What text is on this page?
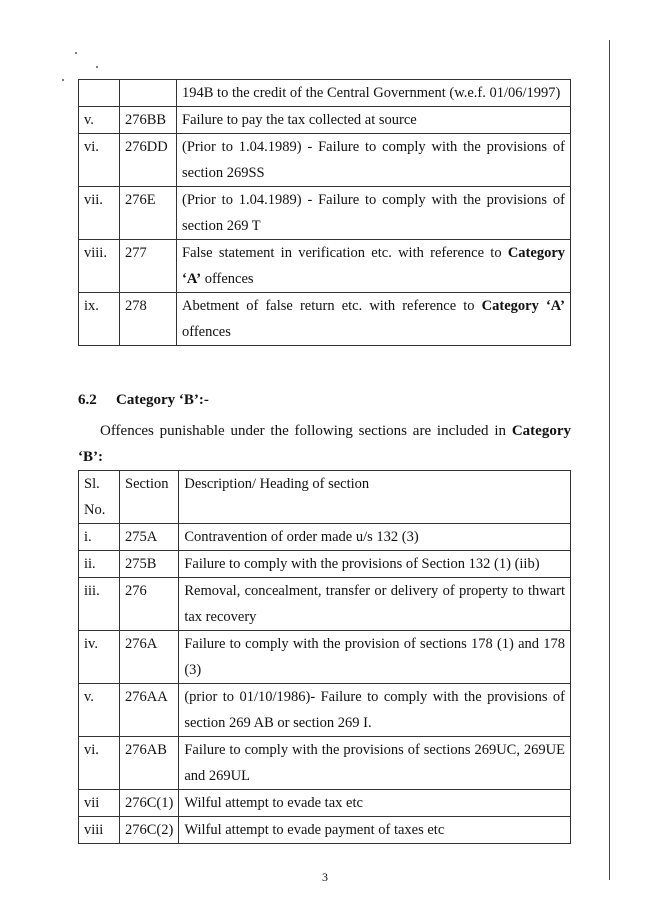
		194B to the credit of the Central Government (w.e.f. 01/06/1997)
v.	276BB	Failure to pay the tax collected at source
vi.	276DD	(Prior to 1.04.1989) - Failure to comply with the provisions of section 269SS
vii.	276E	(Prior to 1.04.1989) - Failure to comply with the provisions of section 269 T
viii.	277	False statement in verification etc. with reference to Category ‘A’ offences
ix.	278	Abetment of false return etc. with reference to Category ‘A’ offences
6.2 Category ‘B’:-
Offences punishable under the following sections are included in Category ‘B’:
Sl. No.	Section	Description/ Heading of section
i.	275A	Contravention of order made u/s 132 (3)
ii.	275B	Failure to comply with the provisions of Section 132 (1) (iib)
iii.	276	Removal, concealment, transfer or delivery of property to thwart tax recovery
iv.	276A	Failure to comply with the provision of sections 178 (1) and 178 (3)
v.	276AA	(prior to 01/10/1986)- Failure to comply with the provisions of section 269 AB or section 269 I.
vi.	276AB	Failure to comply with the provisions of sections 269UC, 269UE and 269UL
vii	276C(1)	Wilful attempt to evade tax etc
viii	276C(2)	Wilful attempt to evade payment of taxes etc
3
